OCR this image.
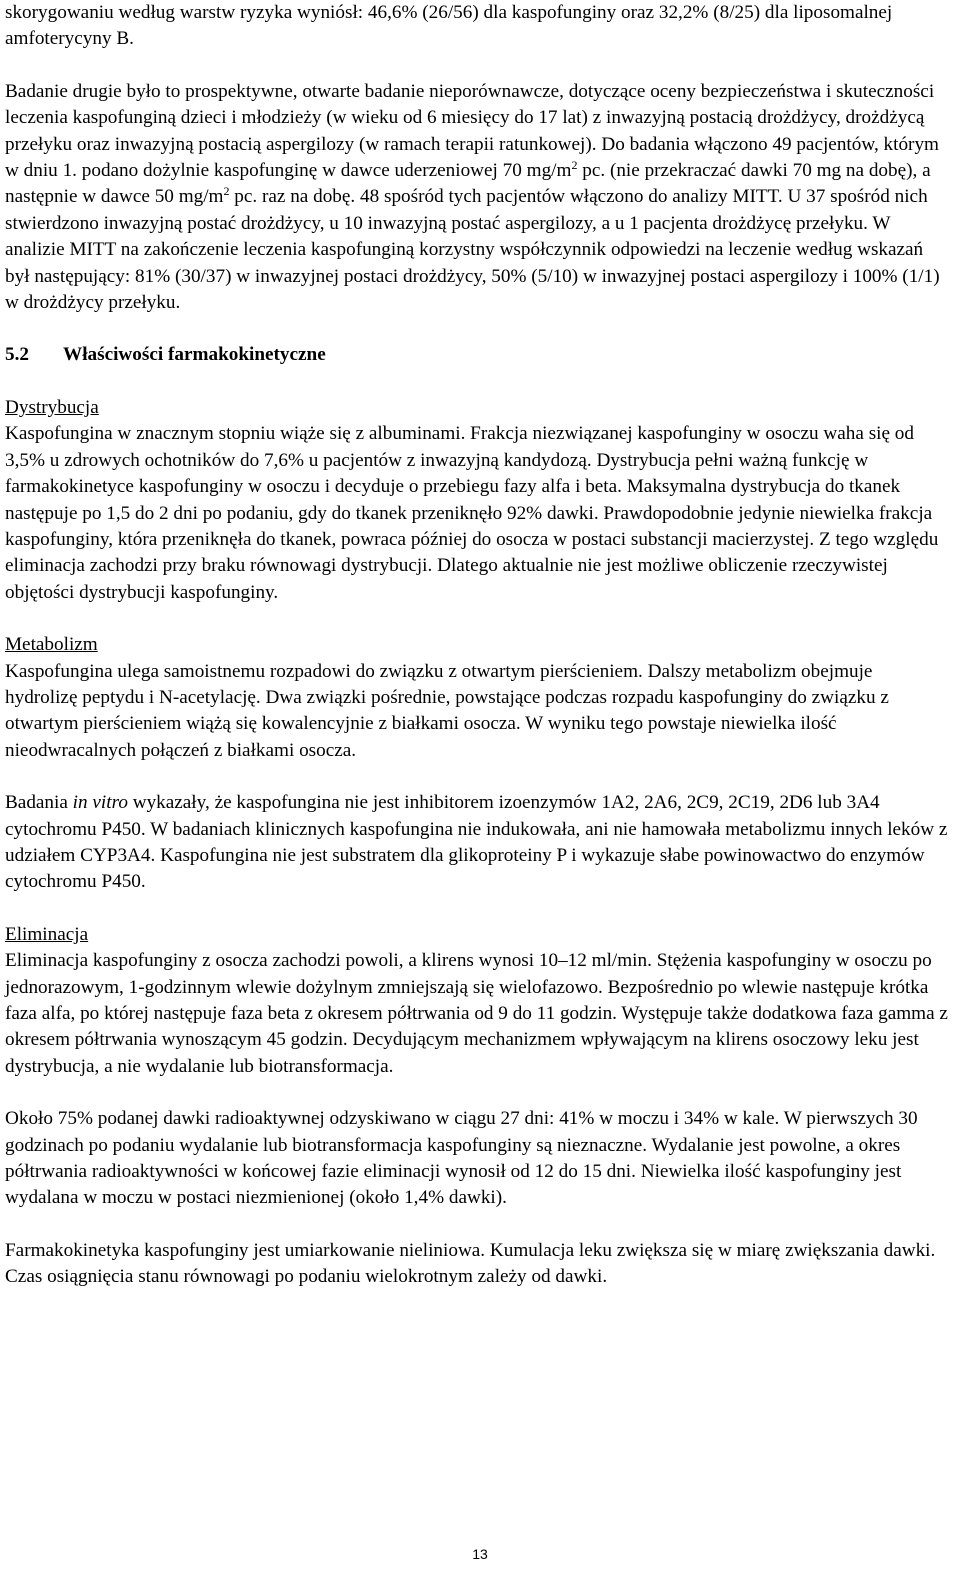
skorygowaniu według warstw ryzyka wyniósł: 46,6% (26/56) dla kaspofunginy oraz 32,2% (8/25) dla liposomalnej amfoterycyny B.

Badanie drugie było to prospektywne, otwarte badanie nieporównawcze, dotyczące oceny bezpieczeństwa i skuteczności leczenia kaspofunginą dzieci i młodzieży (w wieku od 6 miesięcy do 17 lat) z inwazyjną postacią drożdżycy, drożdżycą przełyku oraz inwazyjną postacią aspergilozy (w ramach terapii ratunkowej). Do badania włączono 49 pacjentów, którym w dniu 1. podano dożylnie kaspofunginę w dawce uderzeniowej 70 $mg/m^2$ pc. (nie przekraczać dawki 70 mg na dobę), a następnie w dawce 50 $mg/m^2$ pc. raz na dobę. 48 spośród tych pacjentów włączono do analizy MITT. U 37 spośród nich stwierdzono inwazyjną postać drożdżycy, u 10 inwazyjną postać aspergilozy, a u 1 pacjenta drożdżycę przełyku. W analizie MITT na zakończenie leczenia kaspofunginą korzystny współczynnik odpowiedzi na leczenie według wskazań był następujący: 81% (30/37) w inwazyjnej postaci drożdżycy, 50% (5/10) w inwazyjnej postaci aspergilozy i 100% (1/1) w drożdżycy przełyku.

5.2 Właściwości farmakokinetyczne

Dystrybucja

Kaspofungina w znacznym stopniu wiąże się z albuminami. Frakcja niezwiązanej kaspofunginy w osoczu waha się od 3,5% u zdrowych ochotników do 7,6% u pacjentów z inwazyjną kandydozą. Dystrybucja pełni ważną funkcję w farmakokinetyce kaspofunginy w osoczu i decyduje o przebiegu fazy alfa i beta. Maksymalna dystrybucja do tkanek następuje po 1,5 do 2 dni po podaniu, gdy do tkanek przeniknęło 92% dawki. Prawdopodobnie jedynie niewielka frakcja kaspofunginy, która przeniknęła do tkanek, powraca później do osocza w postaci substancji macierzystej. Z tego względu eliminacja zachodzi przy braku równowagi dystrybucji. Dlatego aktualnie nie jest możliwe obliczenie rzeczywistej objętości dystrybucji kaspofunginy.

Metabolizm

Kaspofungina ulega samoistnemu rozpadowi do związku z otwartym pierścieniem. Dalszy metabolizm obejmuje hydrolizę peptydu i N-acetylację. Dwa związki pośrednie, powstające podczas rozpadu kaspofunginy do związku z otwartym pierścieniem wiążą się kowalencyjnie z białkami osocza. W wyniku tego powstaje niewielka ilość nieodwracalnych połączeń z białkami osocza.

Badania in vitro wykazały, że kaspofungina nie jest inhibitorem izoenzymów 1A2, 2A6, 2C9, 2C19, 2D6 lub 3A4 cytochromu P450. W badaniach klinicznych kaspofungina nie indukowała, ani nie hamowała metabolizmu innych leków z udziałem CYP3A4. Kaspofungina nie jest substratem dla glikoproteiny P i wykazuje słabe powinowactwo do enzymów cytochromu P450.

Eliminacja

Eliminacja kaspofunginy z osocza zachodzi powoli, a klirens wynosi 10–12 ml/min. Stężenia kaspofunginy w osoczu po jednorazowym, 1-godzinnym wlewie dożylnym zmniejszają się wielofazowo. Bezpośrednio po wlewie następuje krótka faza alfa, po której następuje faza beta z okresem półtrwania od 9 do 11 godzin. Występuje także dodatkowa faza gamma z okresem półtrwania wynoszącym 45 godzin. Decydującym mechanizmem wpływającym na klirens osoczowy leku jest dystrybucja, a nie wydalanie lub biotransformacja.

Około 75% podanej dawki radioaktywnej odzyskiwano w ciągu 27 dni: 41% w moczu i 34% w kale. W pierwszych 30 godzinach po podaniu wydalanie lub biotransformacja kaspofunginy są nieznaczne. Wydalanie jest powolne, a okres półtrwania radioaktywności w końcowej fazie eliminacji wynosił od 12 do 15 dni. Niewielka ilość kaspofunginy jest wydalana w moczu w postaci niezmienionej (około 1,4% dawki).

Farmakokinetyka kaspofunginy jest umiarkowanie nieliniowa. Kumulacja leku zwiększa się w miarę zwiększania dawki. Czas osiągnięcia stanu równowagi po podaniu wielokrotnym zależy od dawki.

13
